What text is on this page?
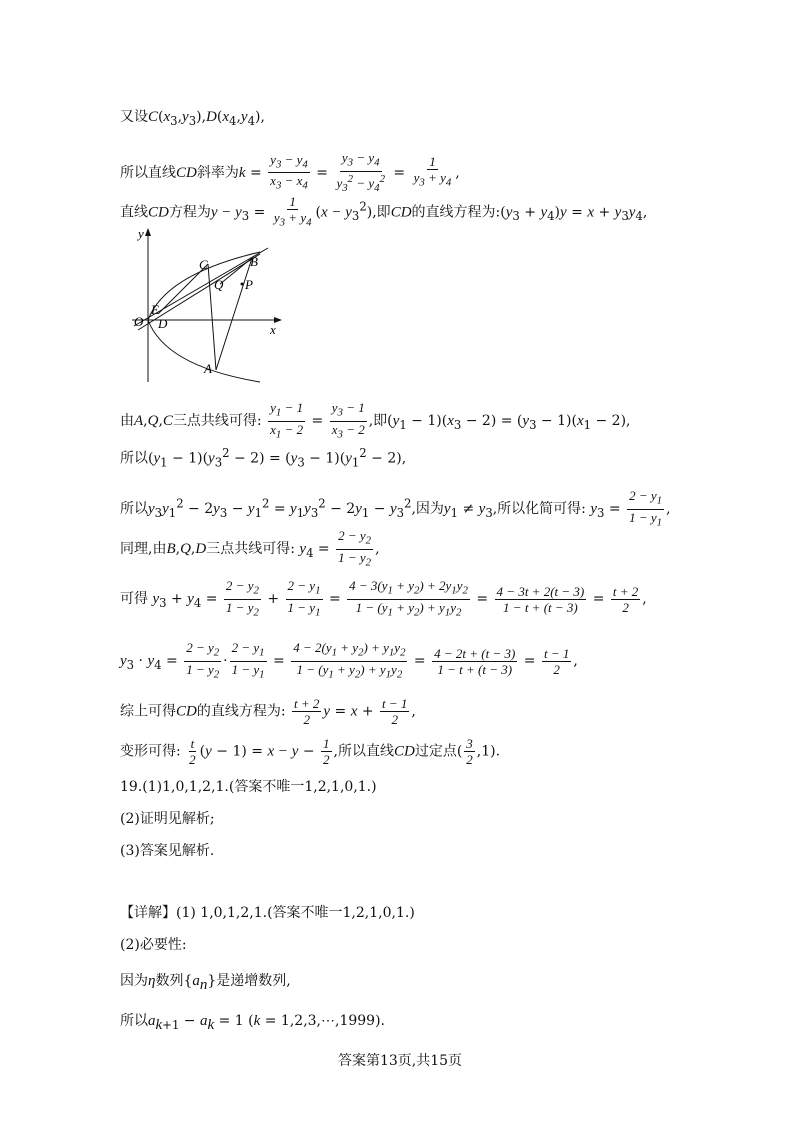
又设$C(x_3,y_3),D(x_4,y_4)$,
所以直线CD斜率为$k = \frac{y_3 - y_4}{x_3 - x_4} = \frac{y_3 - y_4}{y_3^2 - y_4^2} = \frac{1}{y_3 + y_4}$ ,
直线CD方程为$y - y_3 = \frac{1}{y_3 + y_4} (x - y_3^2)$,即CD的直线方程为$:(y_3 + y_4)y = x + y_3y_4$,
y
x
C	B
Q P
E
O D
A
由A,Q,C三点共线可得: $\frac{y_1 - 1}{x_1 - 2} = \frac{y_3 - 1}{x_3 - 2}$ ,即$(y_1 - 1)(x_3 - 2) = (y_3 - 1)(x_1 - 2)$,
所以$(y_1 - 1)(y_3^2 - 2) = (y_3 - 1)(y_1^2 - 2)$,
所以$y_3y_1^2 - 2y_3 - y_1^2 = y_1y_3^2 - 2y_1 - y_3^2$,因为$y_1 \ne y_3$,所以化简可得: $y_3 = \frac{2 - y_1}{1 - y_1}$ ,
同理,由B,Q,D三点共线可得: $y_4 = \frac{2 - y_2}{1 - y_2}$ ,
可得 $y_3 + y_4 = \frac{2 - y_2}{1 - y_2} + \frac{2 - y_1}{1 - y_1} = \frac{4 - 3(y_1 + y_2) + 2y_1y_2}{1 - (y_1 + y_2) + y_1y_2} = \frac{4 - 3t + 2(t - 3)}{1 - t + (t - 3)} = \frac{t + 2}{2}$ ,
$y_3 \cdot y_4 = \frac{2 - y_2}{1 - y_2} \cdot \frac{2 - y_1}{1 - y_1} = \frac{4 - 2(y_1 + y_2) + y_1y_2}{1 - (y_1 + y_2) + y_1y_2} = \frac{4 - 2t + (t - 3)}{1 - t + (t - 3)} = \frac{t - 1}{2}$ ,
综上可得CD的直线方程为: $\frac{t + 2}{2}$ $y = x + \frac{t - 1}{2}$ ,
变形可得: $\frac{t}{2} (y - 1) = x - y - \frac{1}{2}$ ,所以直线CD过定点( $\frac{3}{2} ,1$).
19.(1)1,0,1,2,1.(答案不唯一1,2,1,0,1.)
(2)证明见解析;
(3)答案见解析.
【详解】(1) 1,0,1,2,1.(答案不唯一1,2,1,0,1.)
(2)必要性:
因为η数列$\{a_n\}$是递增数列,
所以$a_{k+1} - a_k = 1$ (k = 1,2,3,⋯,1999).
答案第13页,共15页
